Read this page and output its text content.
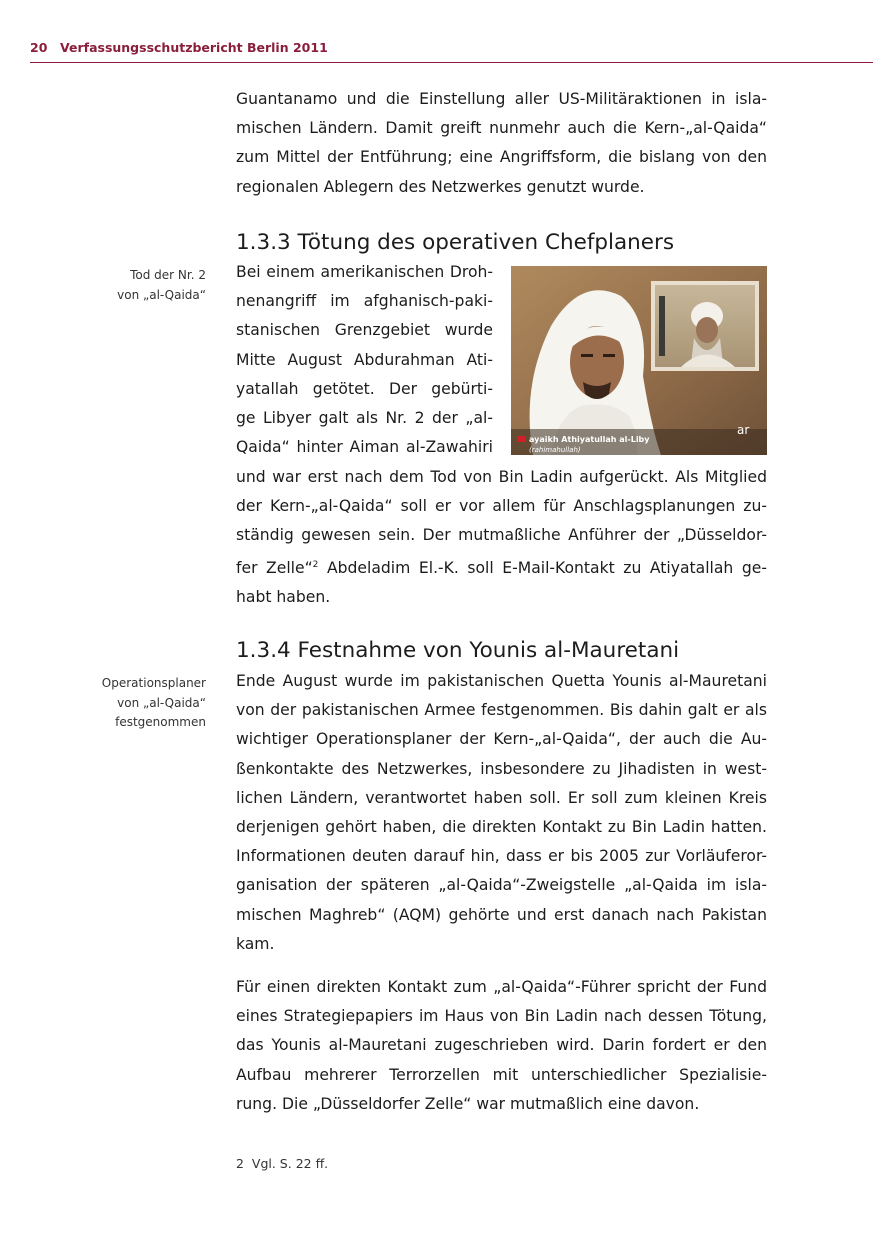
20 Verfassungsschutzbericht Berlin 2011
Guantanamo und die Einstellung aller US-Militäraktionen in isla-
mischen Ländern. Damit greift nunmehr auch die Kern-„al-Qaida“
zum Mittel der Entführung; eine Angriffsform, die bislang von den
regionalen Ablegern des Netzwerkes genutzt wurde.
1.3.3 Tötung des operativen Chefplaners
Tod der Nr. 2
von „al-Qaida“
Bei einem amerikanischen Droh-
nenangriff im afghanisch-paki-
stanischen Grenzgebiet wurde
Mitte August Abdurahman Ati-
yatallah getötet. Der gebürti-
ge Libyer galt als Nr. 2 der „al-
Qaida“ hinter Aiman al-Zawahiri	ayaikh Athiyatullah al-Liby
(rahimahullah)
ar
und war erst nach dem Tod von Bin Ladin aufgerückt. Als Mitglied
der Kern-„al-Qaida“ soll er vor allem für Anschlagsplanungen zu-
ständig gewesen sein. Der mutmaßliche Anführer der „Düsseldor-
fer Zelle“$^2$ Abdeladim El.-K. soll E-Mail-Kontakt zu Atiyatallah ge-
habt haben.
1.3.4 Festnahme von Younis al-Mauretani
Operationsplaner
von „al-Qaida“
festgenommen
Ende August wurde im pakistanischen Quetta Younis al-Mauretani
von der pakistanischen Armee festgenommen. Bis dahin galt er als
wichtiger Operationsplaner der Kern-„al-Qaida“, der auch die Au-
ßenkontakte des Netzwerkes, insbesondere zu Jihadisten in west-
lichen Ländern, verantwortet haben soll. Er soll zum kleinen Kreis
derjenigen gehört haben, die direkten Kontakt zu Bin Ladin hatten.
Informationen deuten darauf hin, dass er bis 2005 zur Vorläuferor-
ganisation der späteren „al-Qaida“-Zweigstelle „al-Qaida im isla-
mischen Maghreb“ (AQM) gehörte und erst danach nach Pakistan
kam.
Für einen direkten Kontakt zum „al-Qaida“-Führer spricht der Fund
eines Strategiepapiers im Haus von Bin Ladin nach dessen Tötung,
das Younis al-Mauretani zugeschrieben wird. Darin fordert er den
Aufbau mehrerer Terrorzellen mit unterschiedlicher Spezialisie-
rung. Die „Düsseldorfer Zelle“ war mutmaßlich eine davon.
2 Vgl. S. 22 ff.
